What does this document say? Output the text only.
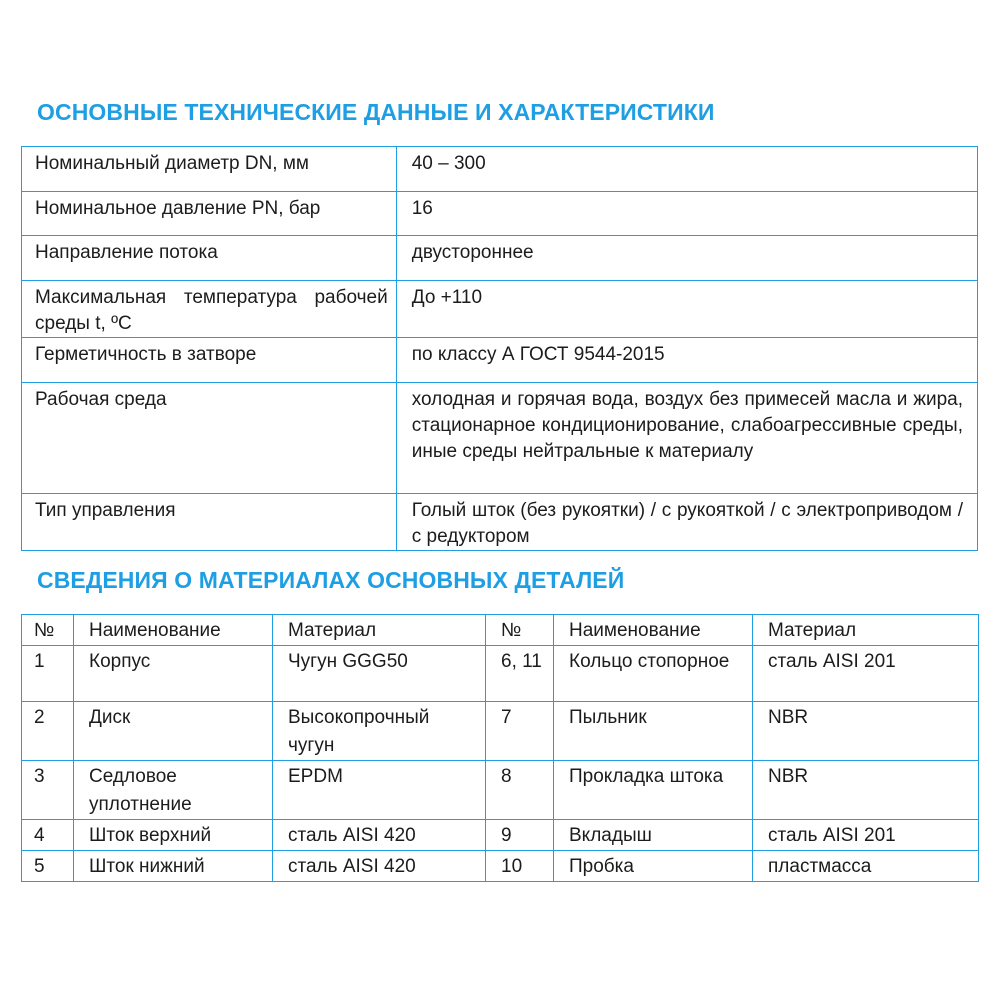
ОСНОВНЫЕ ТЕХНИЧЕСКИЕ ДАННЫЕ И ХАРАКТЕРИСТИКИ
Номинальный диаметр DN, мм	40 – 300
Номинальное давление PN, бар	16
Направление потока	двустороннее
Максимальная температура рабочей среды t, ºС	До +110
Герметичность в затворе	по классу А ГОСТ 9544-2015
Рабочая среда	холодная и горячая вода, воздух без примесей масла и жира, стационарное кондиционирование, слабоагрессивные среды, иные среды нейтральные к материалу
Тип управления	Голый шток (без рукоятки) / с рукояткой / с электроприводом / с редуктором
СВЕДЕНИЯ О МАТЕРИАЛАХ ОСНОВНЫХ ДЕТАЛЕЙ
№	Наименование	Материал	№	Наименование	Материал
1	Корпус	Чугун GGG50	6, 11	Кольцо стопорное	сталь AISI 201
2	Диск	Высокопрочный чугун	7	Пыльник	NBR
3	Седловое уплотнение	EPDM	8	Прокладка штока	NBR
4	Шток верхний	сталь AISI 420	9	Вкладыш	сталь AISI 201
5	Шток нижний	сталь AISI 420	10	Пробка	пластмасса
